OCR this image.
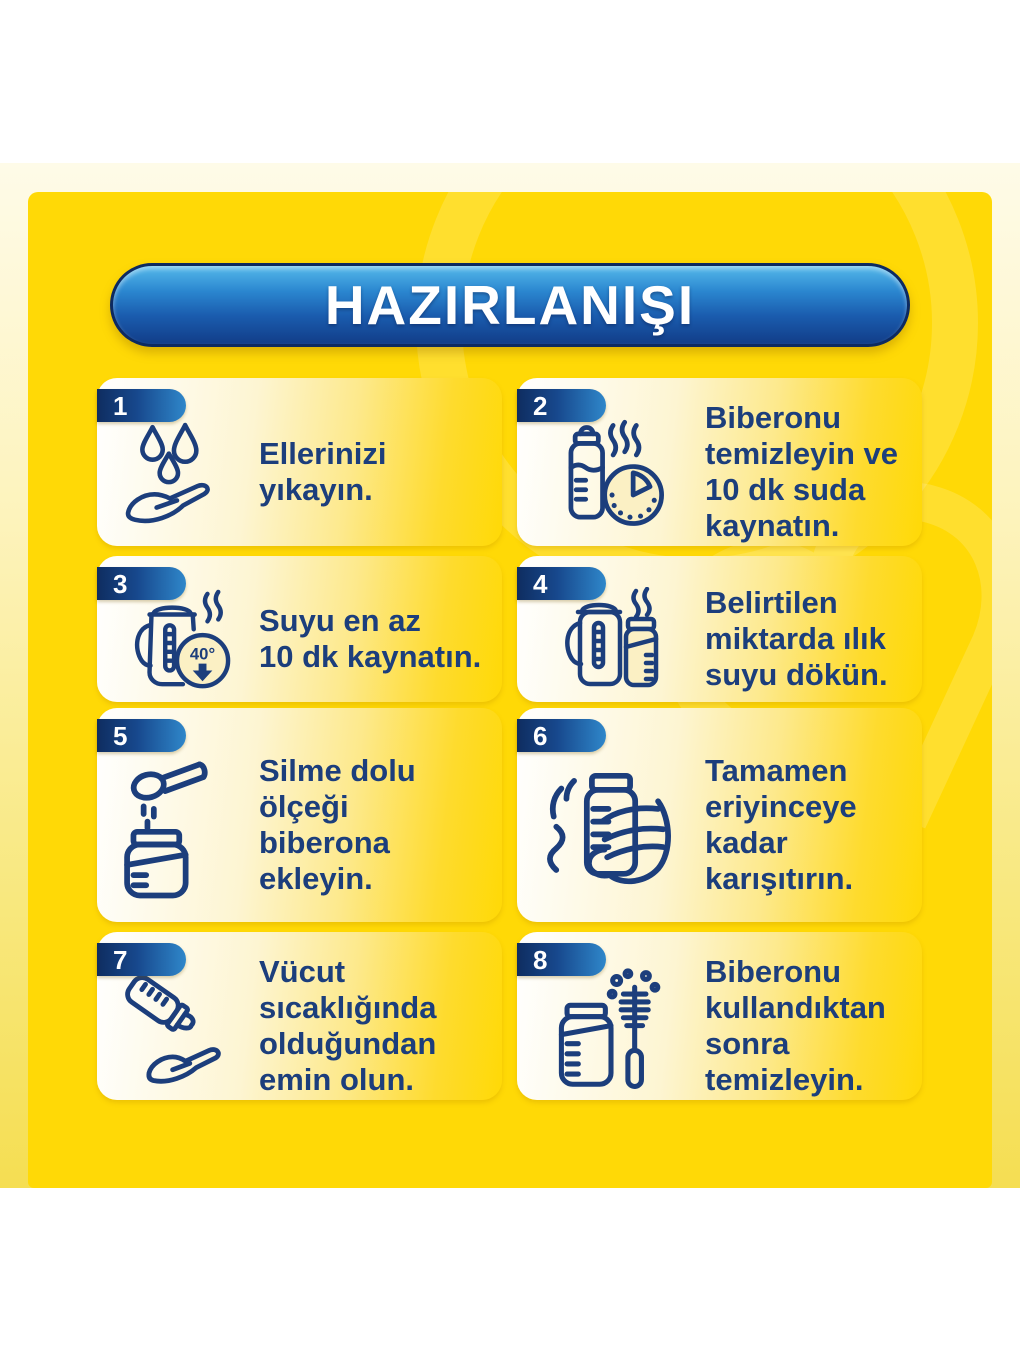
HAZIRLANIŞI
1
Ellerinizi
yıkayın.
2	Biberonu
temizleyin ve
10 dk suda
kaynatın.
3
40°
Suyu en az
10 dk kaynatın.
4
Belirtilen
miktarda ılık
suyu dökün.
5
Silme dolu
ölçeği
biberona
ekleyin.
6
Tamamen
eriyinceye
kadar
karışıtırın.
7	Vücut
sıcaklığında
olduğundan
emin olun.
8	Biberonu
kullandıktan
sonra
temizleyin.
